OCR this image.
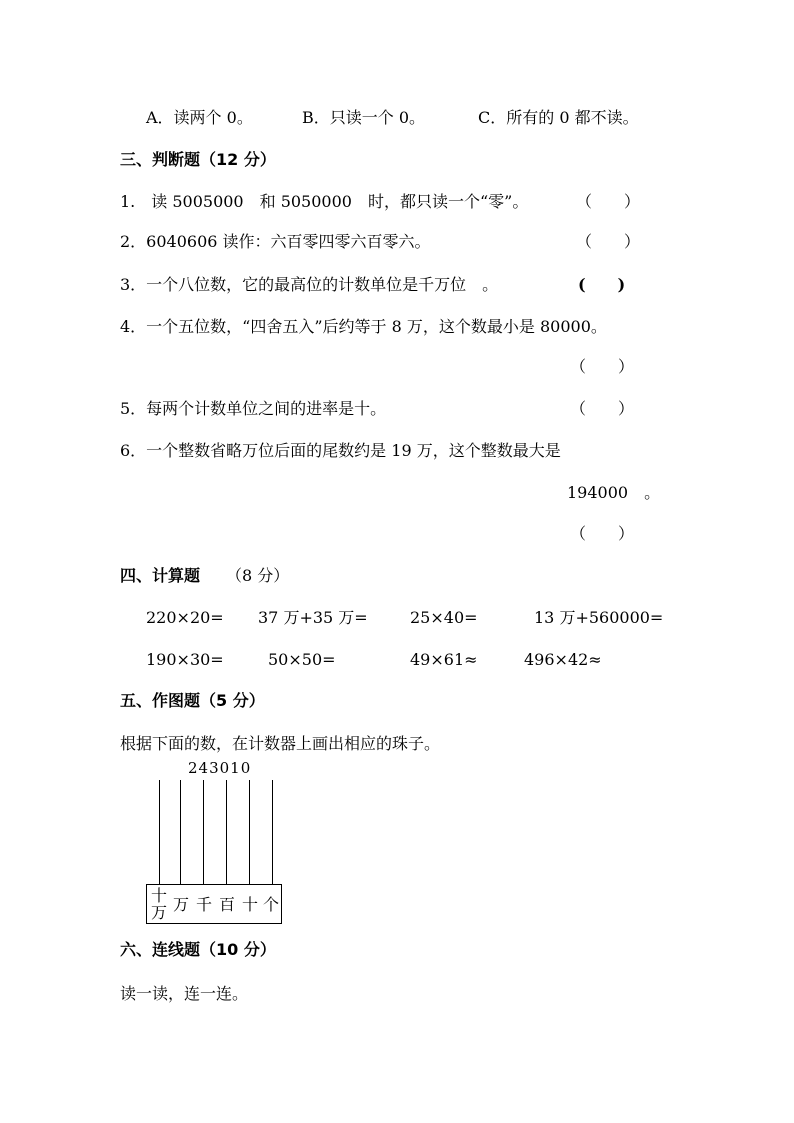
A．读两个 0。	B．只读一个 0。	C．所有的 0 都不读。
三、判断题（12 分）
1.　读 5005000　和 5050000　时，都只读一个“零”。	（　　）
2．6040606 读作：六百零四零六百零六。	（　　）
3．一个八位数，它的最高位的计数单位是千万位　。	(　　)
4．一个五位数，“四舍五入”后约等于 8 万，这个数最小是 80000。
（　　）
5．每两个计数单位之间的进率是十。	（　　）
6．一个整数省略万位后面的尾数约是 19 万，这个整数最大是
194000　。
（　　）
四、计算题 （8 分）
220×20= 37 万+35 万=	25×40=	13 万+560000=
190×30=	50×50=	49×61≈	496×42≈
五、作图题（5 分）
根据下面的数，在计数器上画出相应的珠子。
243010
十
万 万 千 百 十 个
六、连线题（10 分）
读一读，连一连。
